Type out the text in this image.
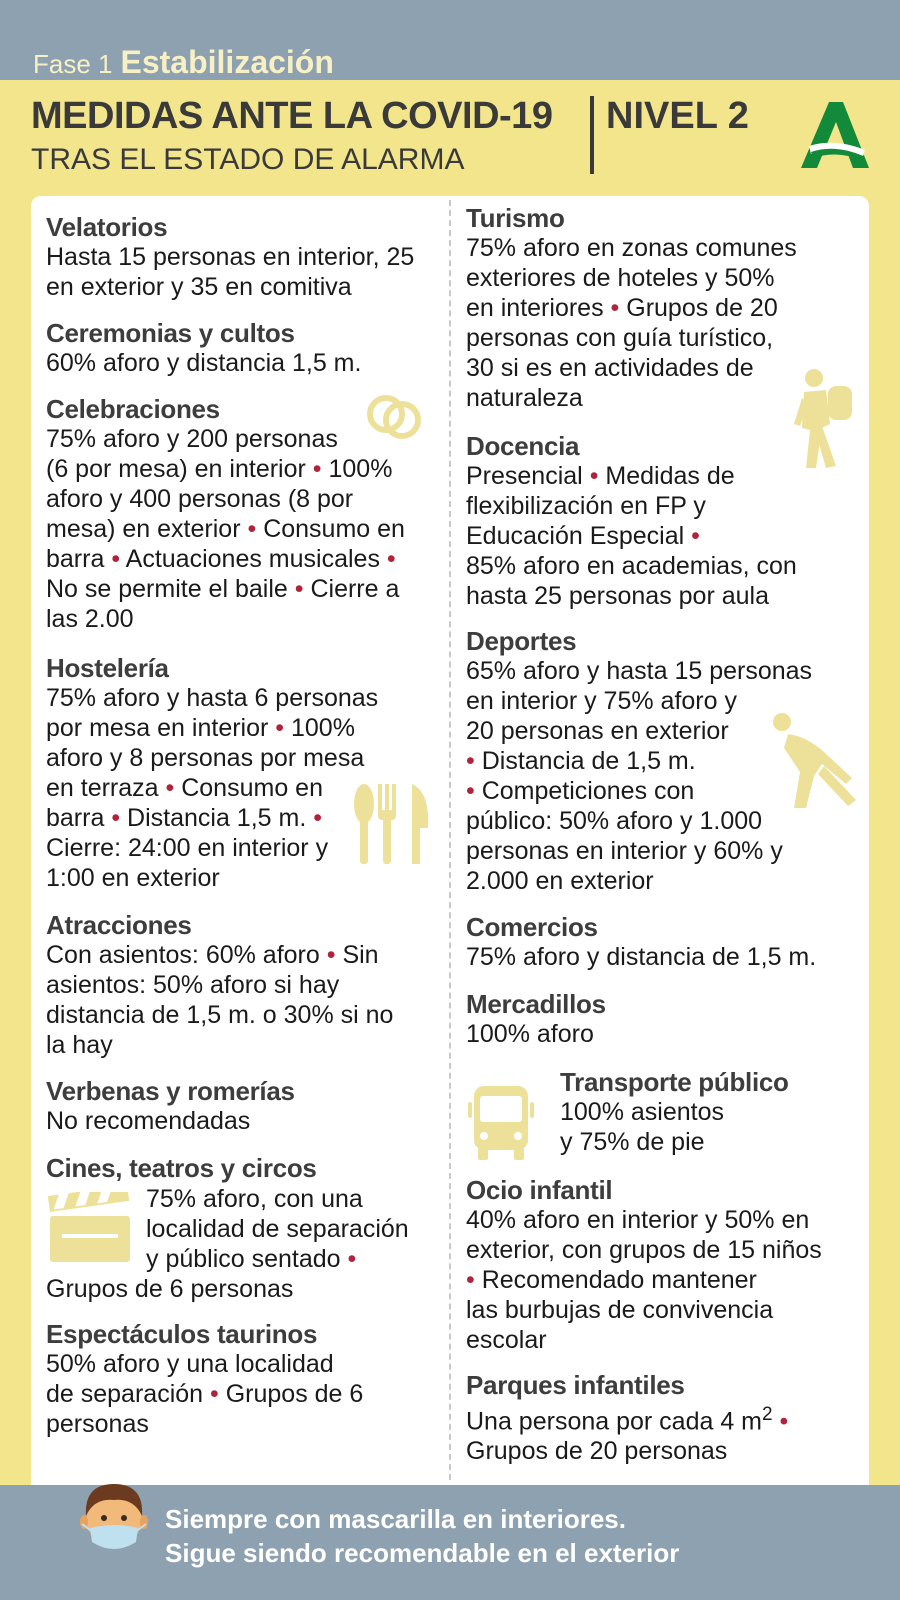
Fase 1 Estabilización
MEDIDAS ANTE LA COVID-19
TRAS EL ESTADO DE ALARMA
NIVEL 2
Velatorios

Hasta 15 personas en interior, 25
en exterior y 35 en comitiva

Ceremonias y cultos

60% aforo y distancia 1,5 m.

Celebraciones

75% aforo y 200 personas
(6 por mesa) en interior • 100%
aforo y 400 personas (8 por
mesa) en exterior • Consumo en
barra • Actuaciones musicales •
No se permite el baile • Cierre a
las 2.00

Hostelería

75% aforo y hasta 6 personas
por mesa en interior • 100%
aforo y 8 personas por mesa
en terraza • Consumo en
barra • Distancia 1,5 m. •
Cierre: 24:00 en interior y
1:00 en exterior

Atracciones

Con asientos: 60% aforo • Sin
asientos: 50% aforo si hay
distancia de 1,5 m. o 30% si no
la hay

Verbenas y romerías

No recomendadas

Cines, teatros y circos

75% aforo, con una
localidad de separación
y público sentado •

Grupos de 6 personas

Espectáculos taurinos

50% aforo y una localidad
de separación • Grupos de 6
personas

Turismo

75% aforo en zonas comunes
exteriores de hoteles y 50%
en interiores • Grupos de 20
personas con guía turístico,
30 si es en actividades de
naturaleza

Docencia

Presencial • Medidas de
flexibilización en FP y
Educación Especial •
85% aforo en academias, con
hasta 25 personas por aula

Deportes

65% aforo y hasta 15 personas
en interior y 75% aforo y
20 personas en exterior
• Distancia de 1,5 m.
• Competiciones con
público: 50% aforo y 1.000
personas en interior y 60% y
2.000 en exterior

Comercios

75% aforo y distancia de 1,5 m.

Mercadillos

100% aforo

Transporte público

100% asientos
y 75% de pie

Ocio infantil

40% aforo en interior y 50% en
exterior, con grupos de 15 niños
• Recomendado mantener
las burbujas de convivencia
escolar

Parques infantiles

Una persona por cada 4 $m^2$ •
Grupos de 20 personas

Siempre con mascarilla en interiores.
Sigue siendo recomendable en el exterior
